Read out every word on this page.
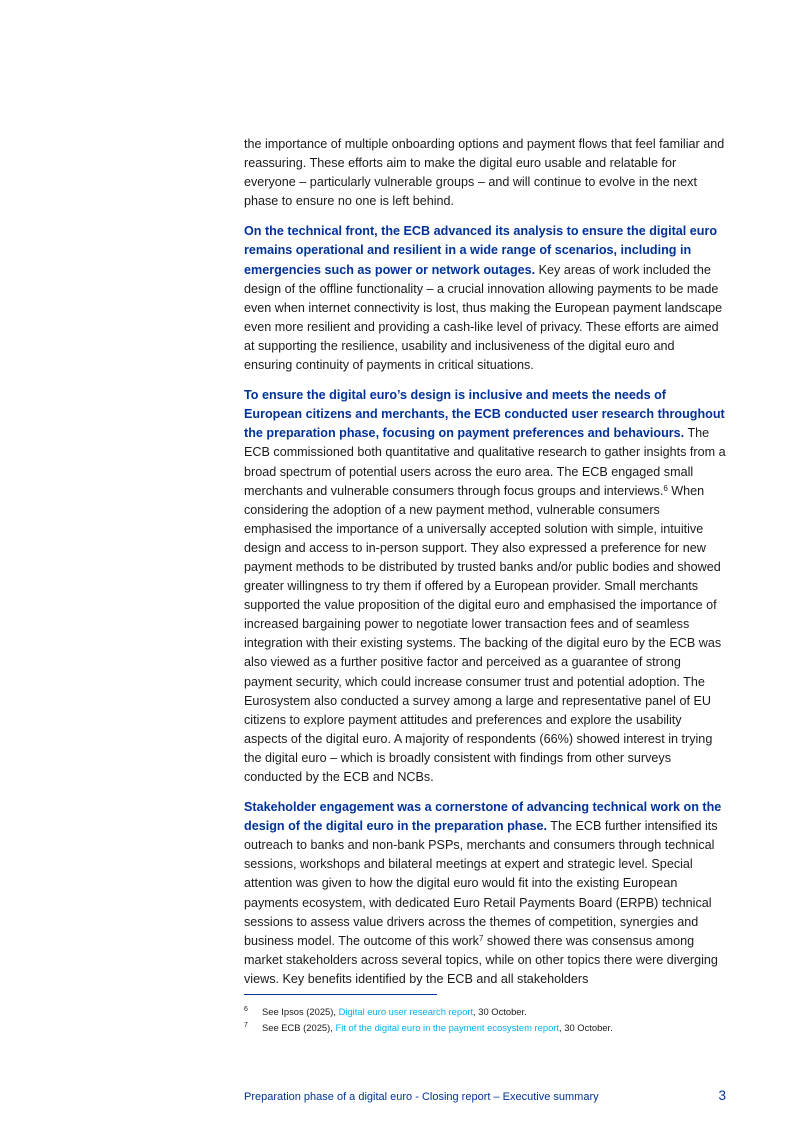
the importance of multiple onboarding options and payment flows that feel familiar and reassuring. These efforts aim to make the digital euro usable and relatable for everyone – particularly vulnerable groups – and will continue to evolve in the next phase to ensure no one is left behind.

On the technical front, the ECB advanced its analysis to ensure the digital euro remains operational and resilient in a wide range of scenarios, including in emergencies such as power or network outages. Key areas of work included the design of the offline functionality – a crucial innovation allowing payments to be made even when internet connectivity is lost, thus making the European payment landscape even more resilient and providing a cash-like level of privacy. These efforts are aimed at supporting the resilience, usability and inclusiveness of the digital euro and ensuring continuity of payments in critical situations.

To ensure the digital euro’s design is inclusive and meets the needs of European citizens and merchants, the ECB conducted user research throughout the preparation phase, focusing on payment preferences and behaviours. The ECB commissioned both quantitative and qualitative research to gather insights from a broad spectrum of potential users across the euro area. The ECB engaged small merchants and vulnerable consumers through focus groups and interviews.$^6$ When considering the adoption of a new payment method, vulnerable consumers emphasised the importance of a universally accepted solution with simple, intuitive design and access to in-person support. They also expressed a preference for new payment methods to be distributed by trusted banks and/or public bodies and showed greater willingness to try them if offered by a European provider. Small merchants supported the value proposition of the digital euro and emphasised the importance of increased bargaining power to negotiate lower transaction fees and of seamless integration with their existing systems. The backing of the digital euro by the ECB was also viewed as a further positive factor and perceived as a guarantee of strong payment security, which could increase consumer trust and potential adoption. The Eurosystem also conducted a survey among a large and representative panel of EU citizens to explore payment attitudes and preferences and explore the usability aspects of the digital euro. A majority of respondents (66%) showed interest in trying the digital euro – which is broadly consistent with findings from other surveys conducted by the ECB and NCBs.

Stakeholder engagement was a cornerstone of advancing technical work on the design of the digital euro in the preparation phase. The ECB further intensified its outreach to banks and non-bank PSPs, merchants and consumers through technical sessions, workshops and bilateral meetings at expert and strategic level. Special attention was given to how the digital euro would fit into the existing European payments ecosystem, with dedicated Euro Retail Payments Board (ERPB) technical sessions to assess value drivers across the themes of competition, synergies and business model. The outcome of this work$^7$ showed there was consensus among market stakeholders across several topics, while on other topics there were diverging views. Key benefits identified by the ECB and all stakeholders

6	See Ipsos (2025), Digital euro user research report, 30 October.
7	See ECB (2025), Fit of the digital euro in the payment ecosystem report, 30 October.
Preparation phase of a digital euro - Closing report – Executive summary	3
